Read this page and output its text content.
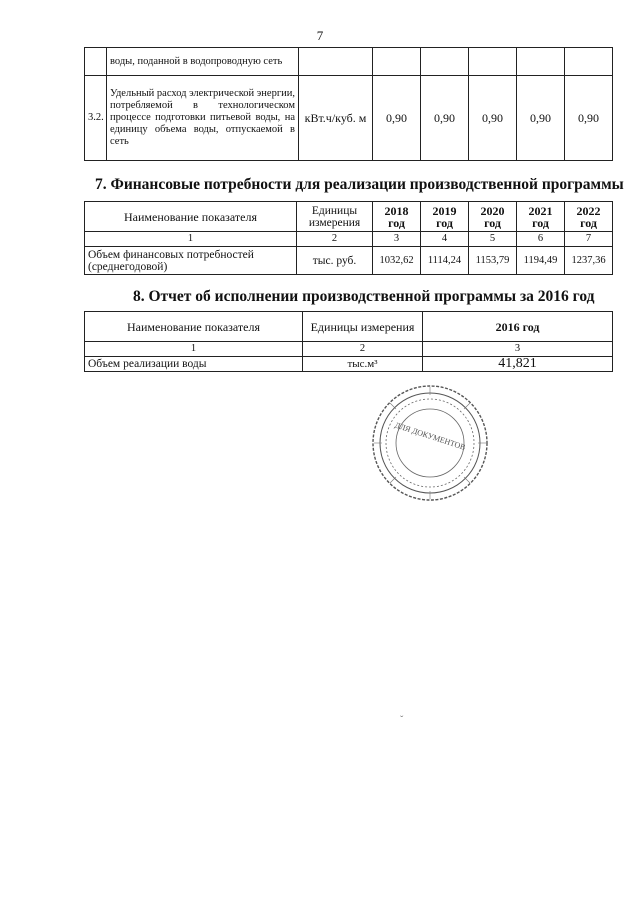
7
	воды, поданной в водопроводную сеть						
3.2.	Удельный расход электрической энергии, потребляемой в технологическом процессе подготовки питьевой воды, на единицу объема воды, отпускаемой в сеть	кВт.ч/куб. м	0,90	0,90	0,90	0,90	0,90
7. Финансовые потребности для реализации производственной программы
Наименование показателя	Единицы измерения	2018 год	2019 год	2020 год	2021 год	2022 год
1	2	3	4	5	6	7
Объем финансовых потребностей (среднегодовой)	тыс. руб.	1032,62	1114,24	1153,79	1194,49	1237,36
8. Отчет об исполнении производственной программы за 2016 год
Наименование показателя	Единицы измерения	2016 год
1	2	3
Объем реализации воды	тыс.м³	41,821
ДЛЯ ДОКУМЕНТОВ
ˇ
